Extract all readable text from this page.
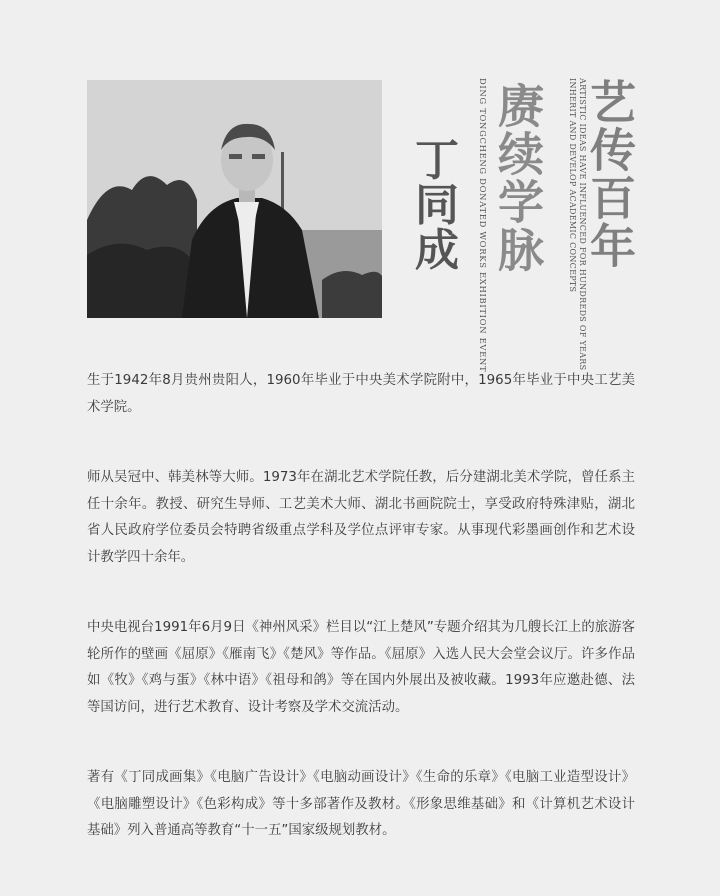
丁同成	DING TONGCHENG DONATED WORKS EXHIBITION EVENT 赓续学脉	INHERIT AND DEVELOP ACADEMIC CONCEPTS ARTISTIC IDEAS HAVE INFLUENCED FOR HUNDREDS OF YEARS
艺传百年

生于1942年8月贵州贵阳人，1960年毕业于中央美术学院附中，1965年毕业于中央工艺美术学院。

师从吴冠中、韩美林等大师。1973年在湖北艺术学院任教，后分建湖北美术学院，曾任系主任十余年。教授、研究生导师、工艺美术大师、湖北书画院院士，享受政府特殊津贴，湖北省人民政府学位委员会特聘省级重点学科及学位点评审专家。从事现代彩墨画创作和艺术设计教学四十余年。

中央电视台1991年6月9日《神州风采》栏目以“江上楚风”专题介绍其为几艘长江上的旅游客轮所作的壁画《屈原》《雁南飞》《楚风》等作品。《屈原》入选人民大会堂会议厅。许多作品如《牧》《鸡与蛋》《林中语》《祖母和鸽》等在国内外展出及被收藏。1993年应邀赴德、法等国访问，进行艺术教育、设计考察及学术交流活动。

著有《丁同成画集》《电脑广告设计》《电脑动画设计》《生命的乐章》《电脑工业造型设计》《电脑雕塑设计》《色彩构成》等十多部著作及教材。《形象思维基础》和《计算机艺术设计基础》列入普通高等教育“十一五”国家级规划教材。
